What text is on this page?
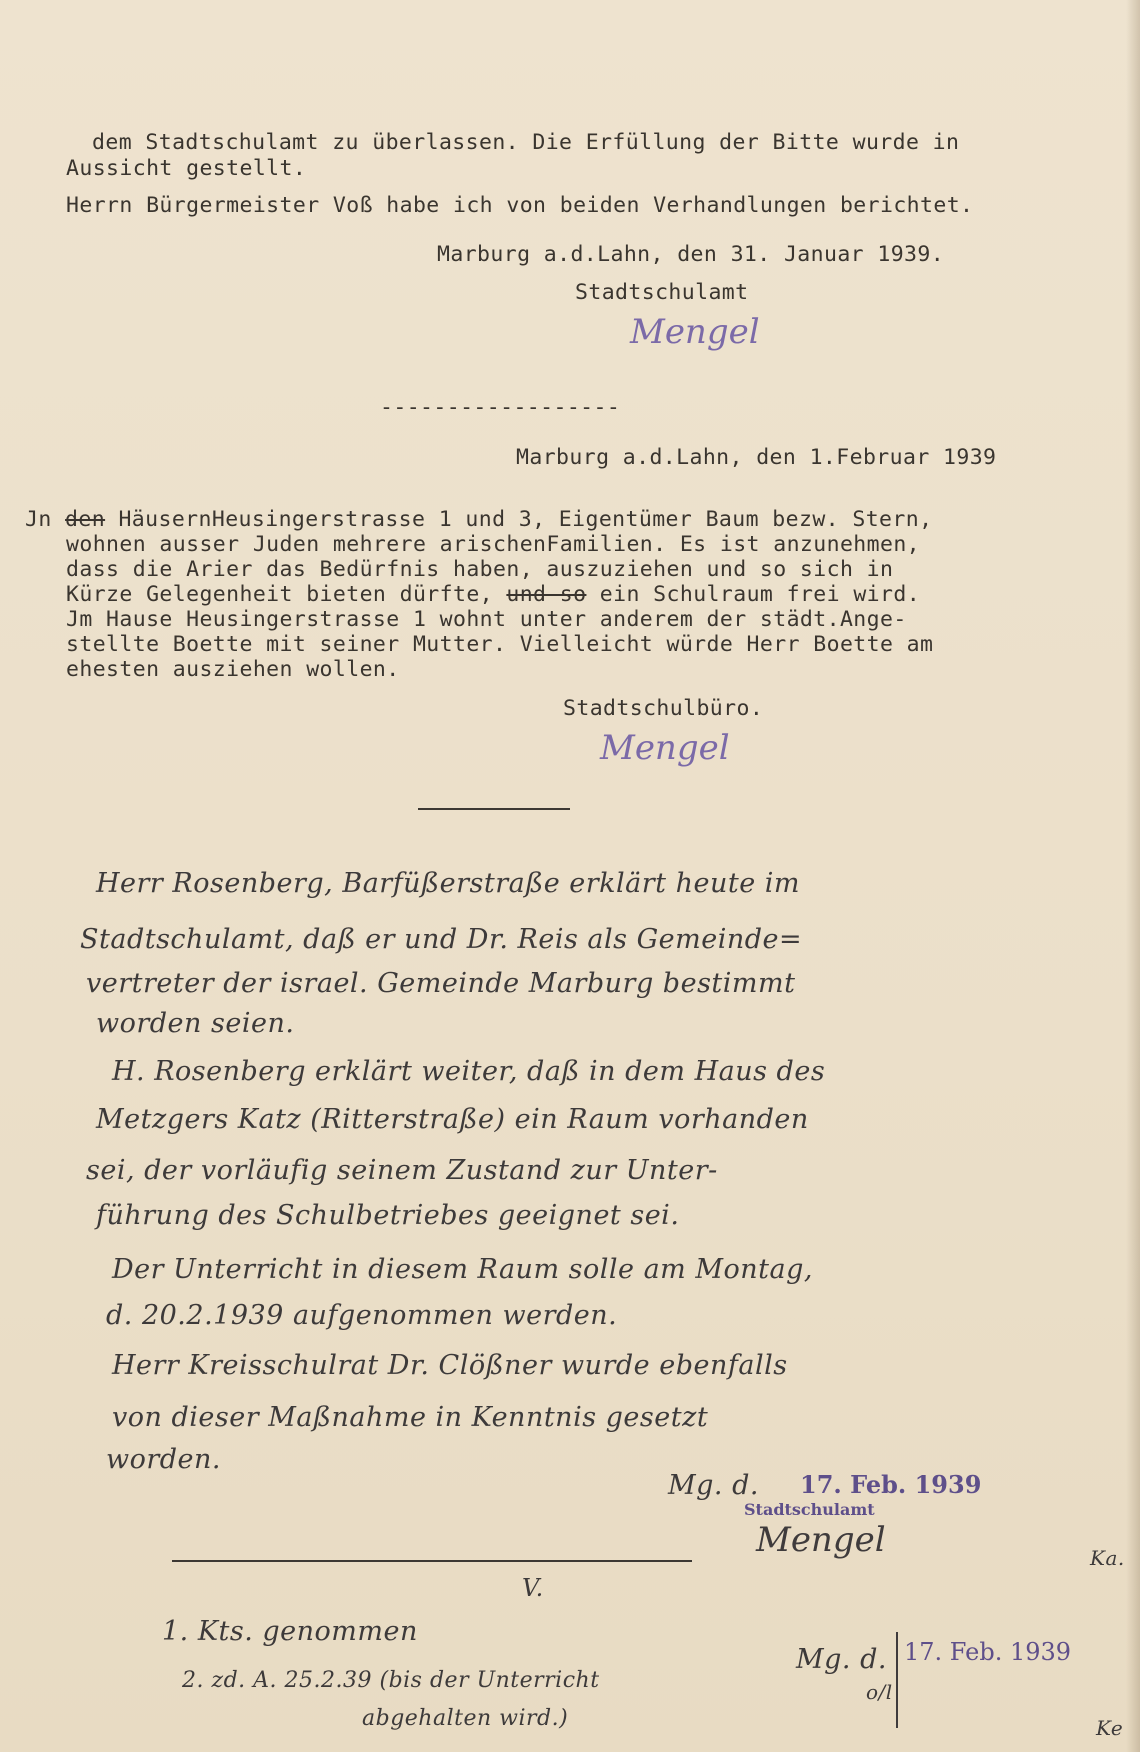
dem Stadtschulamt zu überlassen. Die Erfüllung der Bitte wurde in
Aussicht gestellt.
Herrn Bürgermeister Voß habe ich von beiden Verhandlungen berichtet.
Marburg a.d.Lahn, den 31. Januar 1939.
Stadtschulamt
Mengel
------------------
Marburg a.d.Lahn, den 1.Februar 1939
Jn den HäusernHeusingerstrasse 1 und 3, Eigentümer Baum bezw. Stern,
wohnen ausser Juden mehrere arischenFamilien. Es ist anzunehmen,
dass die Arier das Bedürfnis haben, auszuziehen und so sich in
Kürze Gelegenheit bieten dürfte, und so ein Schulraum frei wird.
Jm Hause Heusingerstrasse 1 wohnt unter anderem der städt.Ange-
stellte Boette mit seiner Mutter. Vielleicht würde Herr Boette am
ehesten ausziehen wollen.
Stadtschulbüro.
Mengel
Herr Rosenberg, Barfüßerstraße erklärt heute im
Stadtschulamt, daß er und Dr. Reis als Gemeinde=
vertreter der israel. Gemeinde Marburg bestimmt
worden seien.
H. Rosenberg erklärt weiter, daß in dem Haus des
Metzgers Katz (Ritterstraße) ein Raum vorhanden
sei, der vorläufig seinem Zustand zur Unter-
führung des Schulbetriebes geeignet sei.
Der Unterricht in diesem Raum solle am Montag,
d. 20.2.1939 aufgenommen werden.
Herr Kreisschulrat Dr. Clößner wurde ebenfalls
von dieser Maßnahme in Kenntnis gesetzt
worden.
Mg. d.
Mengel
17. Feb. 1939
Stadtschulamt
V.
1. Kts. genommen
2. zd. A. 25.2.39 (bis der Unterricht
abgehalten wird.)
Mg. d.
o/l
17. Feb. 1939
Ka.
Ke
